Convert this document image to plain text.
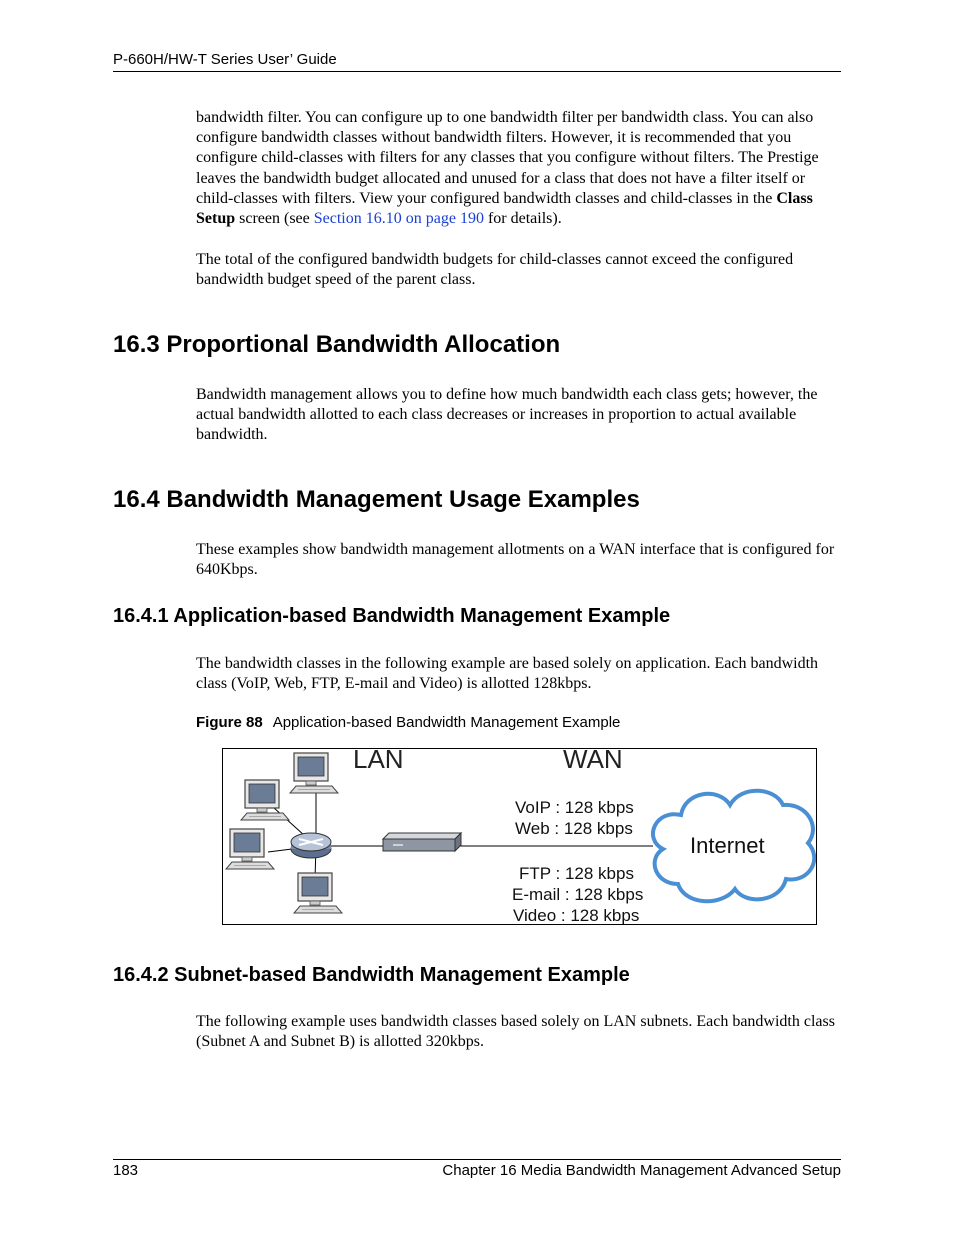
P-660H/HW-T Series User’ Guide
bandwidth filter. You can configure up to one bandwidth filter per bandwidth class. You can also configure bandwidth classes without bandwidth filters. However, it is recommended that you configure child-classes with filters for any classes that you configure without filters. The Prestige leaves the bandwidth budget allocated and unused for a class that does not have a filter itself or child-classes with filters. View your configured bandwidth classes and child-classes in the Class Setup screen (see Section 16.10 on page 190 for details).
The total of the configured bandwidth budgets for child-classes cannot exceed the configured bandwidth budget speed of the parent class.
16.3 Proportional Bandwidth Allocation
Bandwidth management allows you to define how much bandwidth each class gets; however, the actual bandwidth allotted to each class decreases or increases in proportion to actual available bandwidth.
16.4 Bandwidth Management Usage Examples
These examples show bandwidth management allotments on a WAN interface that is configured for 640Kbps.
16.4.1 Application-based Bandwidth Management Example
The bandwidth classes in the following example are based solely on application. Each bandwidth class (VoIP, Web, FTP, E-mail and Video) is allotted 128kbps.
Figure 88 Application-based Bandwidth Management Example
LAN	WAN
Internet
VoIP : 128 kbps
Web : 128 kbps
FTP : 128 kbps
E-mail : 128 kbps
Video : 128 kbps
16.4.2 Subnet-based Bandwidth Management Example
The following example uses bandwidth classes based solely on LAN subnets. Each bandwidth class (Subnet A and Subnet B) is allotted 320kbps.
183	Chapter 16 Media Bandwidth Management Advanced Setup
